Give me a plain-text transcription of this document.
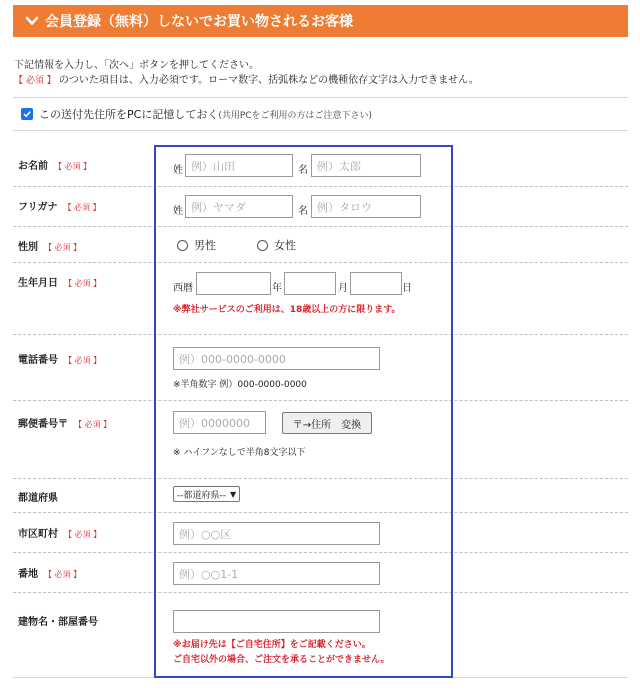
会員登録（無料）しないでお買い物されるお客様
下記情報を入力し、「次へ」ボタンを押してください。
【 必須 】 のついた項目は、入力必須です。ローマ数字、括弧株などの機種依存文字は入力できません。
この送付先住所をPCに記憶しておく (共用PCをご利用の方はご注意下さい)
お名前 【 必須 】	姓 例）山田	名 例）太郎
フリガナ 【 必須 】	姓 例）ヤマダ	名 例）タロウ
性別 【 必須 】	男性	女性
生年月日 【 必須 】	西暦	年	月	日
※弊社サービスのご利用は、18歳以上の方に限ります。
電話番号 【 必須 】	例）000-0000-0000
※半角数字 例）000-0000-0000
郵便番号〒 【 必須 】	例）0000000	〒→住所　変換
※ ハイフンなしで半角8文字以下
都道府県	--都道府県-- ▼
市区町村 【 必須 】	例）○○区
番地 【 必須 】	例）○○1-1
建物名・部屋番号
※お届け先は【ご自宅住所】をご記載ください。
ご自宅以外の場合、ご注文を承ることができません。
